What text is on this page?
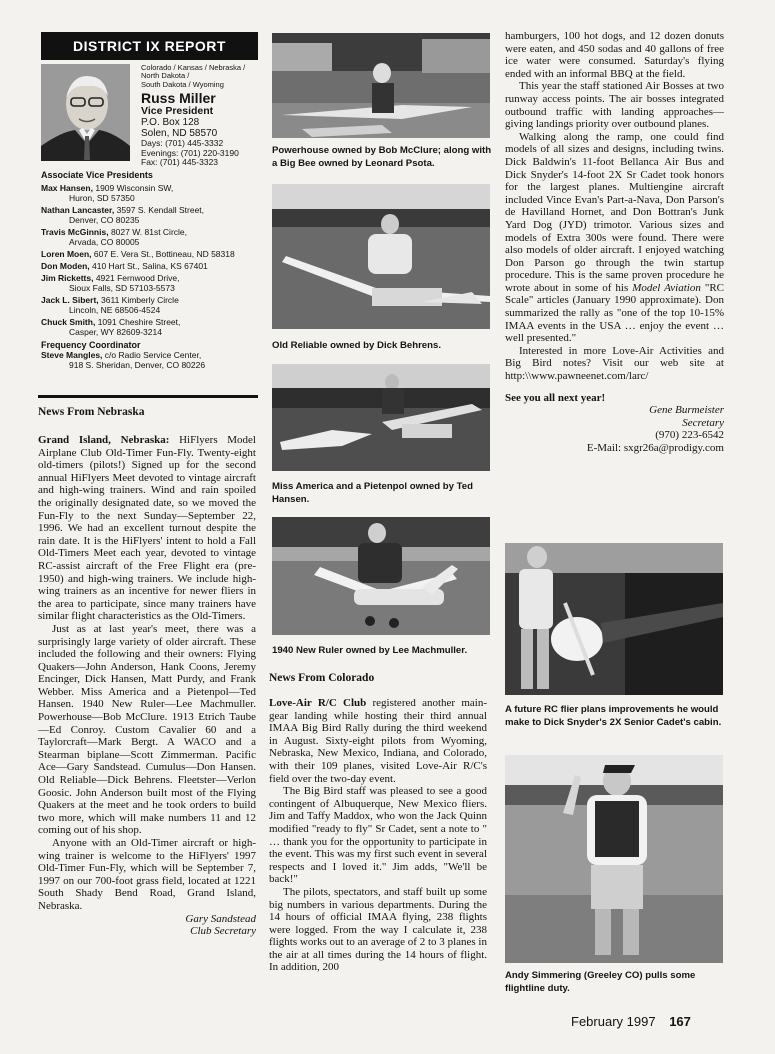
DISTRICT IX REPORT
Colorado / Kansas / Nebraska /
North Dakota /
South Dakota / Wyoming
Russ Miller
Vice President
P.O. Box 128
Solen, ND 58570
Days: (701) 445-3332
Evenings: (701) 220-3190
Fax: (701) 445-3323
Associate Vice Presidents
Max Hansen, 1909 Wisconsin SW,
Huron, SD 57350
Nathan Lancaster, 3597 S. Kendall Street,
Denver, CO 80235
Travis McGinnis, 8027 W. 81st Circle,
Arvada, CO 80005
Loren Moen, 607 E. Vera St., Bottineau, ND 58318
Don Moden, 410 Hart St., Salina, KS 67401
Jim Ricketts, 4921 Fernwood Drive,
Sioux Falls, SD 57103-5573
Jack L. Sibert, 3611 Kimberly Circle
Lincoln, NE 68506-4524
Chuck Smith, 1091 Cheshire Street,
Casper, WY 82609-3214
Frequency Coordinator
Steve Mangles, c/o Radio Service Center,
918 S. Sheridan, Denver, CO 80226
News From Nebraska

Grand Island, Nebraska: HiFlyers Model Airplane Club Old-Timer Fun-Fly. Twenty-eight old-timers (pilots!) Signed up for the second annual HiFlyers Meet devoted to vintage aircraft and high-wing trainers. Wind and rain spoiled the originally designated date, so we moved the Fun-Fly to the next Sunday—September 22, 1996. We had an excellent turnout despite the rain date. It is the HiFlyers' intent to hold a Fall Old-Timers Meet each year, devoted to vintage RC-assist aircraft of the Free Flight era (pre-1950) and high-wing trainers. We include high-wing trainers as an incentive for newer fliers in the area to participate, since many trainers have similar flight characteristics as the Old-Timers.

Just as at last year's meet, there was a surprisingly large variety of older aircraft. These included the following and their owners: Flying Quakers—John Anderson, Hank Coons, Jeremy Encinger, Dick Hansen, Matt Purdy, and Frank Webber. Miss America and a Pietenpol—Ted Hansen. 1940 New Ruler—Lee Machmuller. Powerhouse—Bob McClure. 1913 Etrich Taube—Ed Conroy. Custom Cavalier 60 and a Taylorcraft—Mark Bergt. A WACO and a Stearman biplane—Scott Zimmerman. Pacific Ace—Gary Sandstead. Cumulus—Don Hansen. Old Reliable—Dick Behrens. Fleetster—Verlon Goosic. John Anderson built most of the Flying Quakers at the meet and he took orders to build two more, which will make numbers 11 and 12 coming out of his shop.

Anyone with an Old-Timer aircraft or high-wing trainer is welcome to the HiFlyers' 1997 Old-Timer Fun-Fly, which will be September 7, 1997 on our 700-foot grass field, located at 1221 South Shady Bend Road, Grand Island, Nebraska.

Gary Sandstead
Club Secretary
Powerhouse owned by Bob McClure; along with a Big Bee owned by Leonard Psota.
Old Reliable owned by Dick Behrens.
Miss America and a Pietenpol owned by Ted Hansen.
1940 New Ruler owned by Lee Machmuller.
News From Colorado

Love-Air R/C Club registered another main-gear landing while hosting their third annual IMAA Big Bird Rally during the third weekend in August. Sixty-eight pilots from Wyoming, Nebraska, New Mexico, Indiana, and Colorado, with their 109 planes, visited Love-Air R/C's field over the two-day event.

The Big Bird staff was pleased to see a good contingent of Albuquerque, New Mexico fliers. Jim and Taffy Maddox, who won the Jack Quinn modified "ready to fly" Sr Cadet, sent a note to " … thank you for the opportunity to participate in the event. This was my first such event in several respects and I loved it." Jim adds, "We'll be back!"

The pilots, spectators, and staff built up some big numbers in various departments. During the 14 hours of official IMAA flying, 238 flights were logged. From the way I calculate it, 238 flights works out to an average of 2 to 3 planes in the air at all times during the 14 hours of flight. In addition, 200

hamburgers, 100 hot dogs, and 12 dozen donuts were eaten, and 450 sodas and 40 gallons of free ice water were consumed. Saturday's flying ended with an informal BBQ at the field.

This year the staff stationed Air Bosses at two runway access points. The air bosses integrated outbound traffic with landing approaches—giving landings priority over outbound planes.

Walking along the ramp, one could find models of all sizes and designs, including twins. Dick Baldwin's 11-foot Bellanca Air Bus and Dick Snyder's 14-foot 2X Sr Cadet took honors for the largest planes. Multiengine aircraft included Vince Evan's Part-a-Nava, Don Parson's de Havilland Hornet, and Don Bottran's Junk Yard Dog (JYD) trimotor. Various sizes and models of Extra 300s were found. There were also models of older aircraft. I enjoyed watching Don Parson go through the twin startup procedure. This is the same proven procedure he wrote about in some of his Model Aviation "RC Scale" articles (January 1990 approximate). Don summarized the rally as "one of the top 10-15% IMAA events in the USA … enjoy the event … well presented."

Interested in more Love-Air Activities and Big Bird notes? Visit our web site at http:\\www.pawneenet.com/larc/

See you all next year!

Gene Burmeister
Secretary
(970) 223-6542
E-Mail: sxgr26a@prodigy.com
A future RC flier plans improvements he would make to Dick Snyder's 2X Senior Cadet's cabin.
Andy Simmering (Greeley CO) pulls some flightline duty.
February 1997 167
